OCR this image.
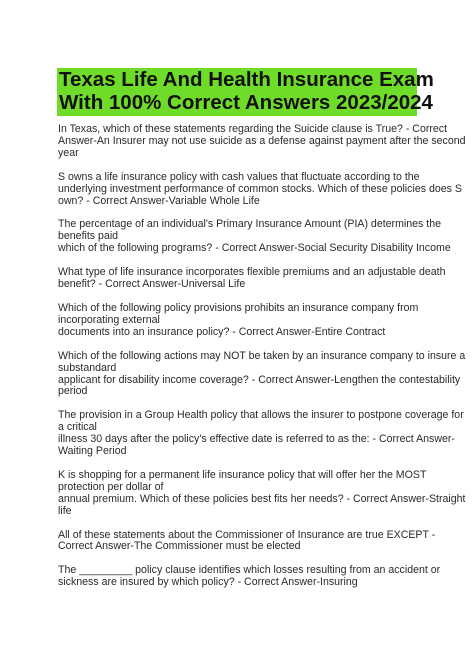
Texas Life And Health Insurance Exam
With 100% Correct Answers 2023/2024
In Texas, which of these statements regarding the Suicide clause is True? - Correct
Answer-An Insurer may not use suicide as a defense against payment after the second
year
S owns a life insurance policy with cash values that fluctuate according to the
underlying investment performance of common stocks. Which of these policies does S
own? - Correct Answer-Variable Whole Life
The percentage of an individual's Primary Insurance Amount (PIA) determines the
benefits paid
which of the following programs? - Correct Answer-Social Security Disability Income
What type of life insurance incorporates flexible premiums and an adjustable death
benefit? - Correct Answer-Universal Life
Which of the following policy provisions prohibits an insurance company from
incorporating external
documents into an insurance policy? - Correct Answer-Entire Contract
Which of the following actions may NOT be taken by an insurance company to insure a
substandard
applicant for disability income coverage? - Correct Answer-Lengthen the contestability
period
The provision in a Group Health policy that allows the insurer to postpone coverage for
a critical
illness 30 days after the policy's effective date is referred to as the: - Correct Answer-
Waiting Period
K is shopping for a permanent life insurance policy that will offer her the MOST
protection per dollar of
annual premium. Which of these policies best fits her needs? - Correct Answer-Straight
life
All of these statements about the Commissioner of Insurance are true EXCEPT -
Correct Answer-The Commissioner must be elected
The _________ policy clause identifies which losses resulting from an accident or
sickness are insured by which policy? - Correct Answer-Insuring
